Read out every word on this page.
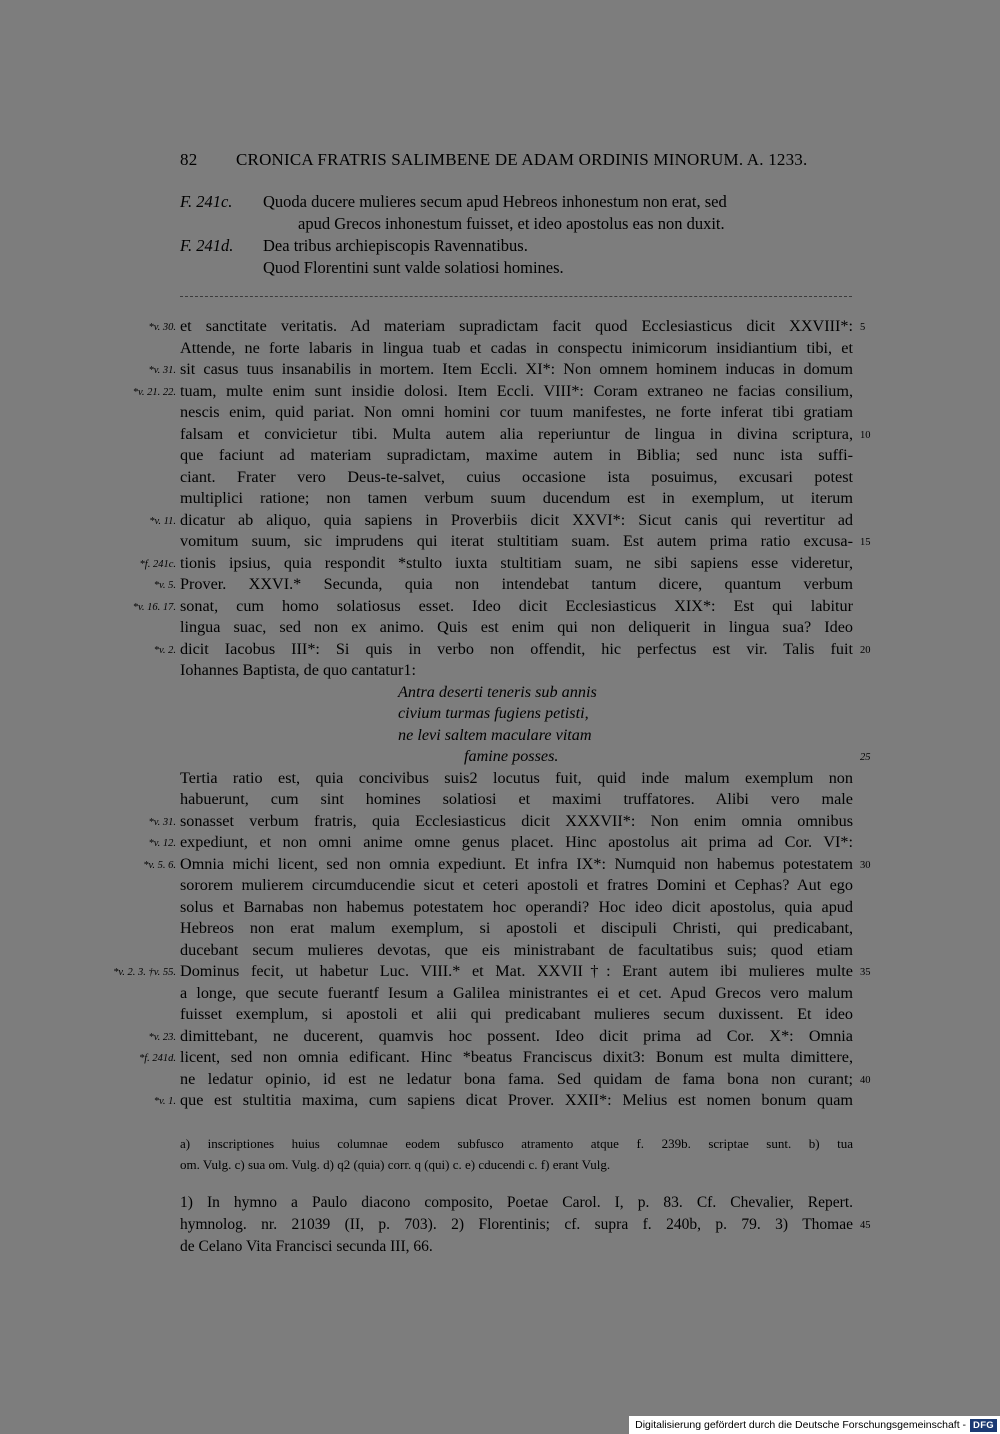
82 CRONICA FRATRIS SALIMBENE DE ADAM ORDINIS MINORUM. A. 1233.
F. 241c. Quoda ducere mulieres secum apud Hebreos inhonestum non erat, sed
apud Grecos inhonestum fuisset, et ideo apostolus eas non duxit.
F. 241d. Dea tribus archiepiscopis Ravennatibus.
Quod Florentini sunt valde solatiosi homines.
*v. 30. et sanctitate veritatis. Ad materiam supradictam facit quod Ecclesiasticus dicit XXVIII*: 5
Attende, ne forte labaris in lingua tuab et cadas in conspectu inimicorum insidiantium tibi, et
*v. 31. sit casus tuus insanabilis in mortem. Item Eccli. XI*: Non omnem hominem inducas in domum
*v. 21. 22. tuam, multe enim sunt insidie dolosi. Item Eccli. VIII*: Coram extraneo ne facias consilium,
nescis enim, quid pariat. Non omni homini cor tuum manifestes, ne forte inferat tibi gratiam
falsam et convicietur tibi. Multa autem alia reperiuntur de lingua in divina scriptura, 10
que faciunt ad materiam supradictam, maxime autem in Biblia; sed nunc ista suffi-
ciant. Frater vero Deus-te-salvet, cuius occasione ista posuimus, excusari potest
multiplici ratione; non tamen verbum suum ducendum est in exemplum, ut iterum
*v. 11. dicatur ab aliquo, quia sapiens in Proverbiis dicit XXVI*: Sicut canis qui revertitur ad
vomitum suum, sic imprudens qui iterat stultitiam suam. Est autem prima ratio excusa- 15
*f. 241c. tionis ipsius, quia respondit *stulto iuxta stultitiam suam, ne sibi sapiens esse videretur,
*v. 5. Prover. XXVI.* Secunda, quia non intendebat tantum dicere, quantum verbum
*v. 16. 17. sonat, cum homo solatiosus esset. Ideo dicit Ecclesiasticus XIX*: Est qui labitur
lingua suac, sed non ex animo. Quis est enim qui non deliquerit in lingua sua? Ideo
*v. 2. dicit Iacobus III*: Si quis in verbo non offendit, hic perfectus est vir. Talis fuit 20
Iohannes Baptista, de quo cantatur1:
Antra deserti teneris sub annis
civium turmas fugiens petisti,
ne levi saltem maculare vitam
famine posses.	25
Tertia ratio est, quia concivibus suis2 locutus fuit, quid inde malum exemplum non
habuerunt, cum sint homines solatiosi et maximi truffatores. Alibi vero male
*v. 31. sonasset verbum fratris, quia Ecclesiasticus dicit XXXVII*: Non enim omnia omnibus
*v. 12. expediunt, et non omni anime omne genus placet. Hinc apostolus ait prima ad Cor. VI*:
*v. 5. 6. Omnia michi licent, sed non omnia expediunt. Et infra IX*: Numquid non habemus potestatem 30
sororem mulierem circumducendie sicut et ceteri apostoli et fratres Domini et Cephas? Aut ego
solus et Barnabas non habemus potestatem hoc operandi? Hoc ideo dicit apostolus, quia apud
Hebreos non erat malum exemplum, si apostoli et discipuli Christi, qui predicabant,
ducebant secum mulieres devotas, que eis ministrabant de facultatibus suis; quod etiam
*v. 2. 3. †v. 55. Dominus fecit, ut habetur Luc. VIII.* et Mat. XXVII†: Erant autem ibi mulieres multe 35
a longe, que secute fuerantf Iesum a Galilea ministrantes ei et cet. Apud Grecos vero malum
fuisset exemplum, si apostoli et alii qui predicabant mulieres secum duxissent. Et ideo
*v. 23. dimittebant, ne ducerent, quamvis hoc possent. Ideo dicit prima ad Cor. X*: Omnia
*f. 241d. licent, sed non omnia edificant. Hinc *beatus Franciscus dixit3: Bonum est multa dimittere,
ne ledatur opinio, id est ne ledatur bona fama. Sed quidam de fama bona non curant; 40
*v. 1. que est stultitia maxima, cum sapiens dicat Prover. XXII*: Melius est nomen bonum quam
a) inscriptiones huius columnae eodem subfusco atramento atque f. 239b. scriptae sunt. b) tua
om. Vulg. c) sua om. Vulg. d) q2 (quia) corr. q (qui) c. e) cducendi c. f) erant Vulg.
1) In hymno a Paulo diacono composito, Poetae Carol. I, p. 83. Cf. Chevalier, Repert.
hymnolog. nr. 21039 (II, p. 703). 2) Florentinis; cf. supra f. 240b, p. 79. 3) Thomae 45
de Celano Vita Francisci secunda III, 66.
Digitalisierung gefördert durch die Deutsche Forschungsgemeinschaft - DFG
